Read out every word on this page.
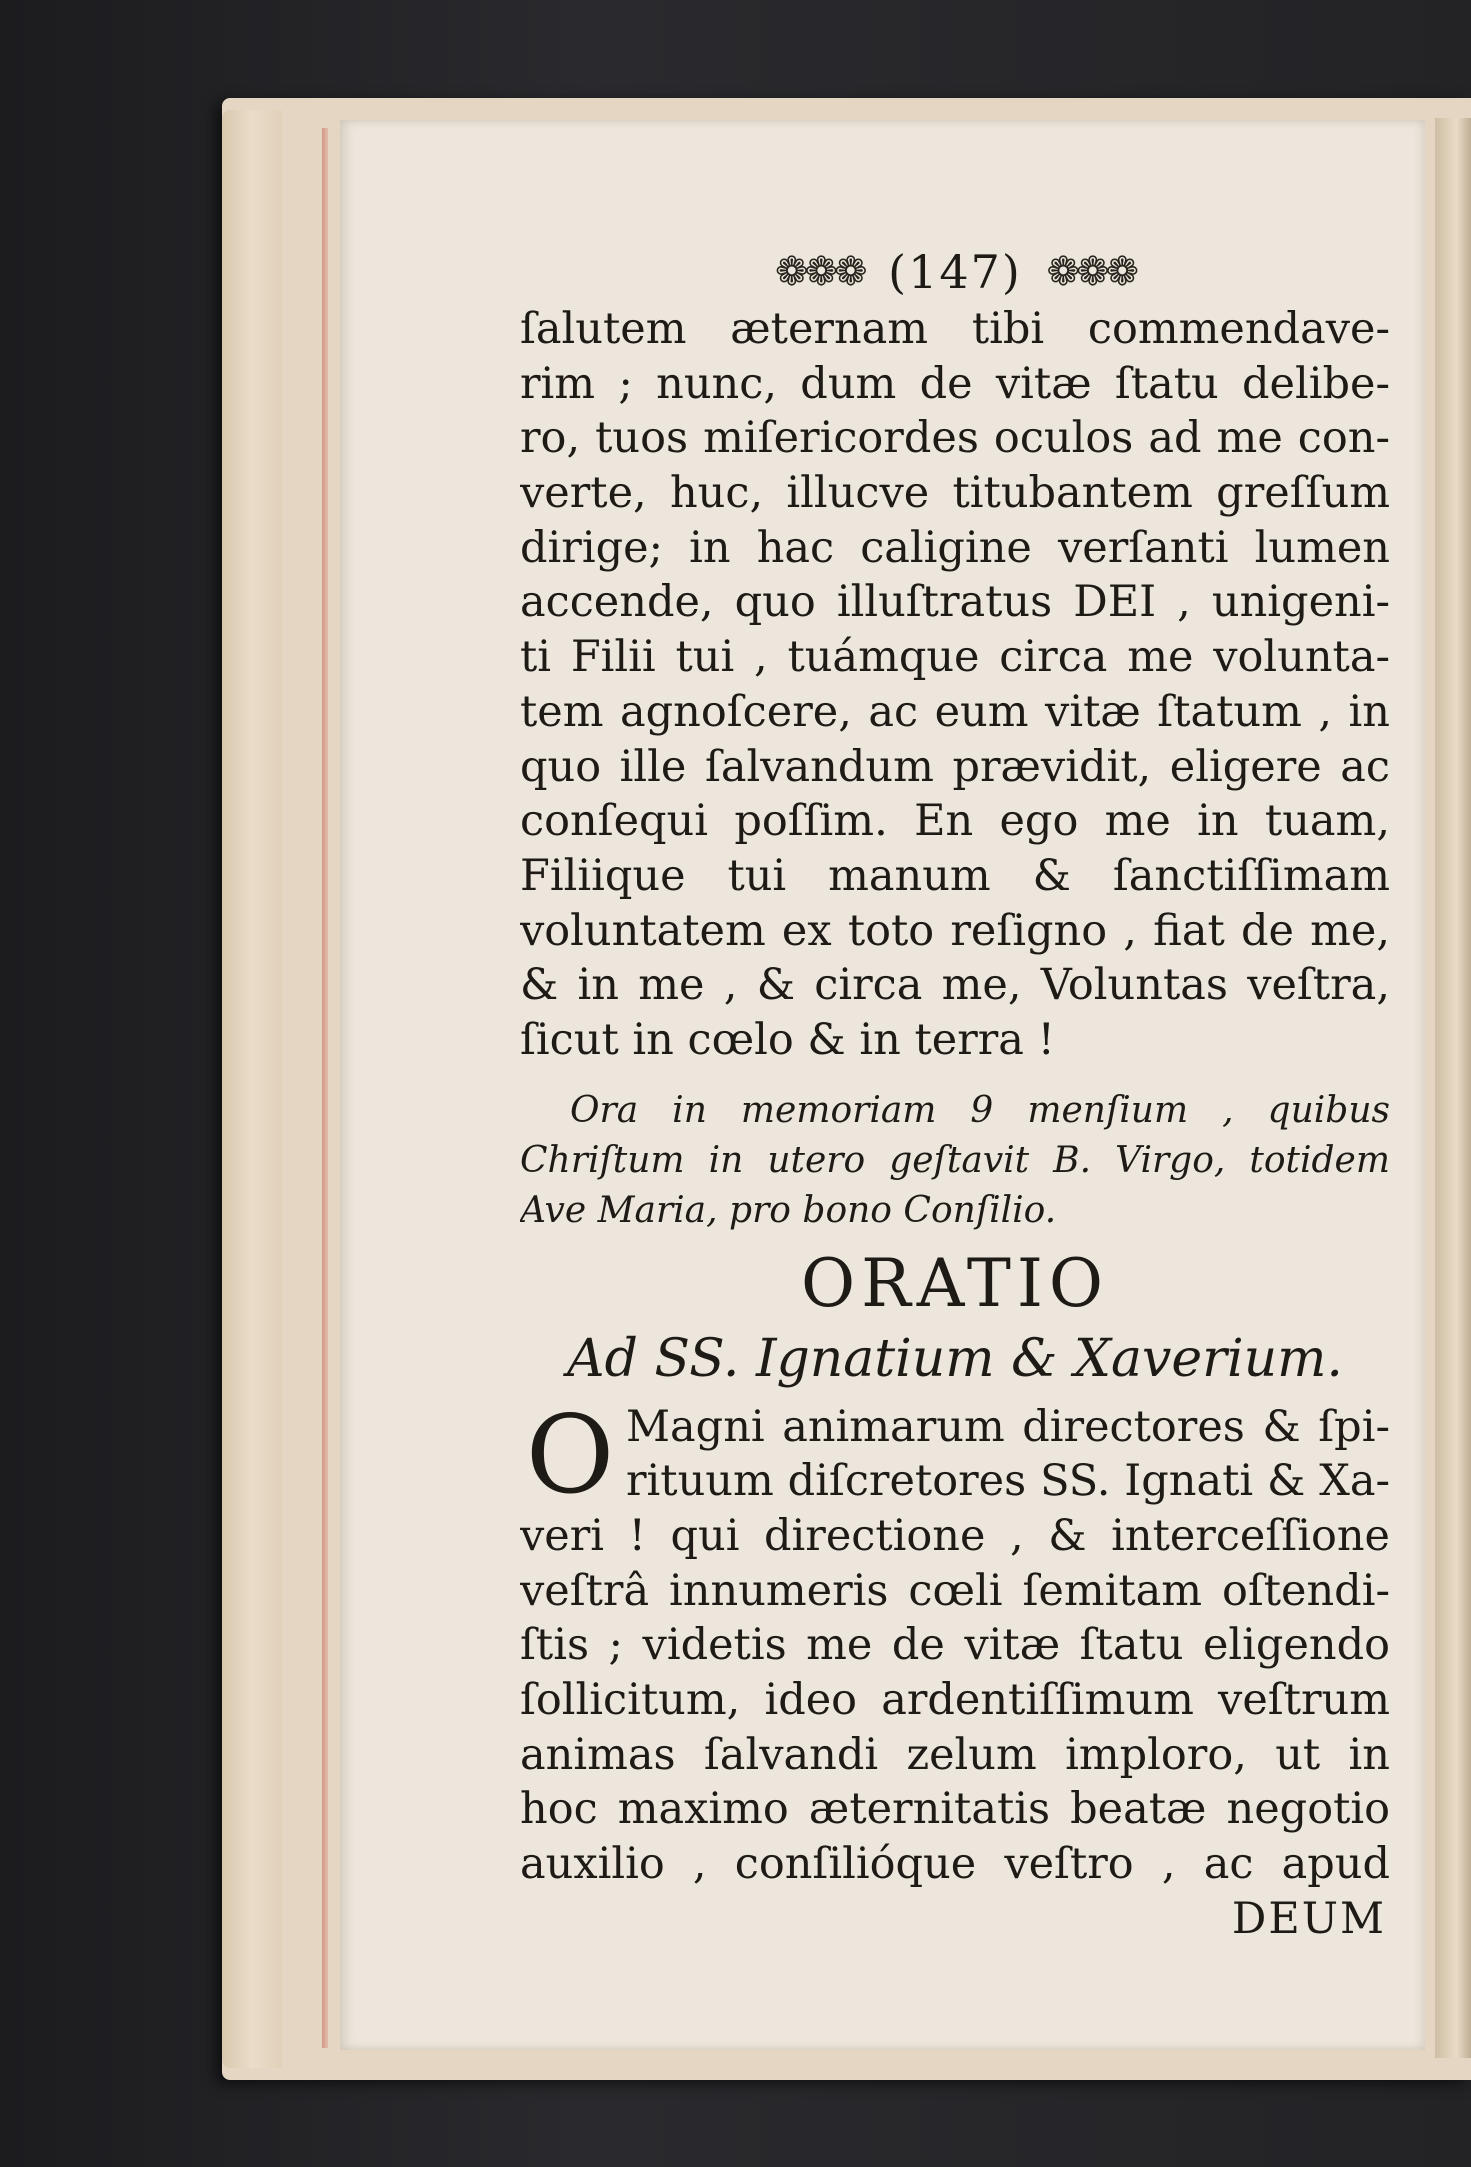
❁❁❁ (147) ❁❁❁
ſalutem æternam tibi commendave-
rim ; nunc, dum de vitæ ſtatu delibe-
ro, tuos miſericordes oculos ad me con-
verte, huc, illucve titubantem greſſum
dirige; in hac caligine verſanti lumen
accende, quo illuſtratus DEI , unigeni-
ti Filii tui , tuámque circa me volunta-
tem agnoſcere, ac eum vitæ ſtatum , in
quo ille ſalvandum prævidit, eligere ac
conſequi poſſim. En ego me in tuam,
Filiique tui manum & ſanctiſſimam
voluntatem ex toto reſigno , fiat de me,
& in me , & circa me, Voluntas veſtra,
ſicut in cœlo & in terra !
Ora in memoriam 9 menſium , quibus
Chriſtum in utero geſtavit B. Virgo, totidem
Ave Maria, pro bono Conſilio.
ORATIO
Ad SS. Ignatium & Xaverium.
O Magni animarum directores & ſpi-
rituum diſcretores SS. Ignati & Xa-
veri ! qui directione , & interceſſione
veſtrâ innumeris cœli ſemitam oſtendi-
ſtis ; videtis me de vitæ ſtatu eligendo
ſollicitum, ideo ardentiſſimum veſtrum
animas ſalvandi zelum imploro, ut in
hoc maximo æternitatis beatæ negotio
auxilio , conſilióque veſtro , ac apud
DEUM
